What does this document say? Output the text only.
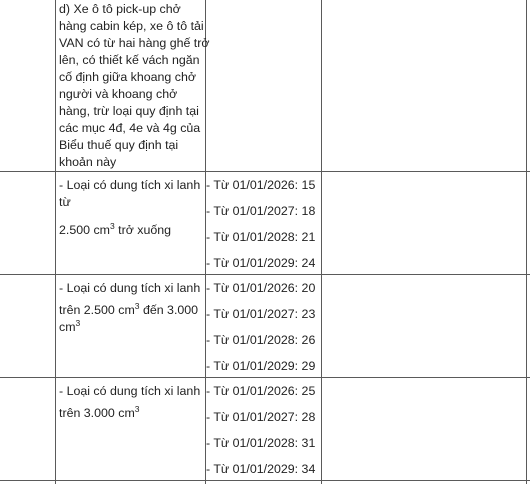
d) Xe ô tô pick-up chở
hàng cabin kép, xe ô tô tải
VAN có từ hai hàng ghế trở
lên, có thiết kế vách ngăn
cố định giữa khoang chở
người và khoang chở
hàng, trừ loại quy định tại
các mục 4đ, 4e và 4g của
Biểu thuế quy định tại
khoản này
- Loại có dung tích xi lanh
từ
2.500 $cm^3$ trở xuống
- Từ 01/01/2026: 15
- Từ 01/01/2027: 18
- Từ 01/01/2028: 21
- Từ 01/01/2029: 24
- Loại có dung tích xi lanh
trên 2.500 $cm^3$ đến 3.000
$cm^3$
- Từ 01/01/2026: 20
- Từ 01/01/2027: 23
- Từ 01/01/2028: 26
- Từ 01/01/2029: 29
- Loại có dung tích xi lanh
trên 3.000 $cm^3$
- Từ 01/01/2026: 25
- Từ 01/01/2027: 28
- Từ 01/01/2028: 31
- Từ 01/01/2029: 34
